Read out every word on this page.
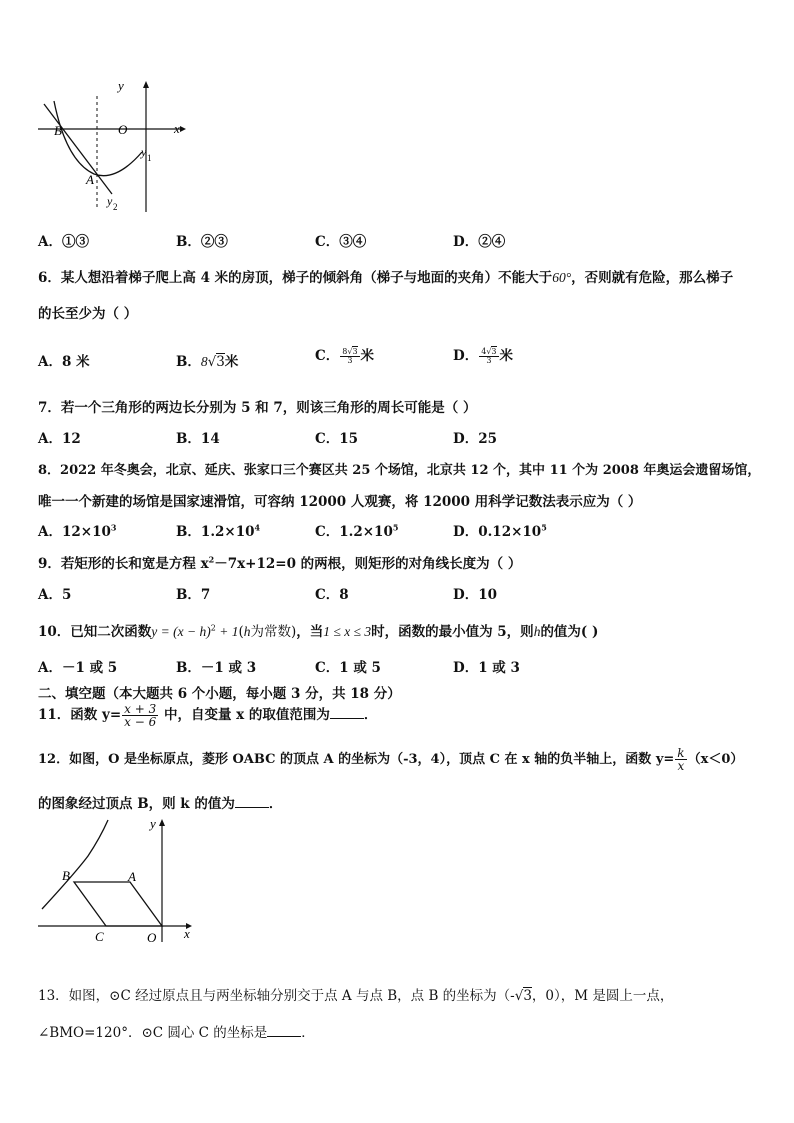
y
x
O
B
A
y 1
y 2
A．①③	B．②③	C．③④	D．②④
6．某人想沿着梯子爬上高 4 米的房顶，梯子的倾斜角（梯子与地面的夹角）不能大于60°，否则就有危险，那么梯子
的长至少为（ ）
A．8 米	B．8√3米	C． $\frac{8√3}{3}$ 米	D． $\frac{4√3}{3}$ 米
7．若一个三角形的两边长分别为 5 和 7，则该三角形的周长可能是（ ）
A．12	B．14	C．15	D．25
8．2022 年冬奥会，北京、延庆、张家口三个赛区共 25 个场馆，北京共 12 个，其中 11 个为 2008 年奥运会遗留场馆，
唯一一个新建的场馆是国家速滑馆，可容纳 12000 人观赛，将 12000 用科学记数法表示应为（ ）
A．$12\times 10^3$	B．$1.2\times 10^4$	C．$1.2\times 10^5$	D．$0.12\times 10^5$
9．若矩形的长和宽是方程 $x^2-7x+12=0$ 的两根，则矩形的对角线长度为（ ）
A．5	B．7	C．8	D．10
10．已知二次函数$y = (x - h)^2 + 1(h$为常数)，当1 ≤ x ≤ 3时，函数的最小值为 5，则h的值为( )
A．－1 或 5	B．－1 或 3	C．1 或 5	D．1 或 3
二、填空题（本大题共 6 个小题，每小题 3 分，共 18 分）
11．函数 $y= \frac{x + 3}{x - 6}$ 中，自变量 x 的取值范围为	．
12．如图，O 是坐标原点，菱形 OABC 的顶点 A 的坐标为（-3，4），顶点 C 在 x 轴的负半轴上，函数 $y= \frac{k}{x} (x<0)$
的图象经过顶点 B，则 k 的值为	．
y
x
O
A
B
C
13．如图，⊙C 经过原点且与两坐标轴分别交于点 A 与点 B，点 B 的坐标为（-√3，0），M 是圆上一点，
∠BMO=120°．⊙C 圆心 C 的坐标是	．
